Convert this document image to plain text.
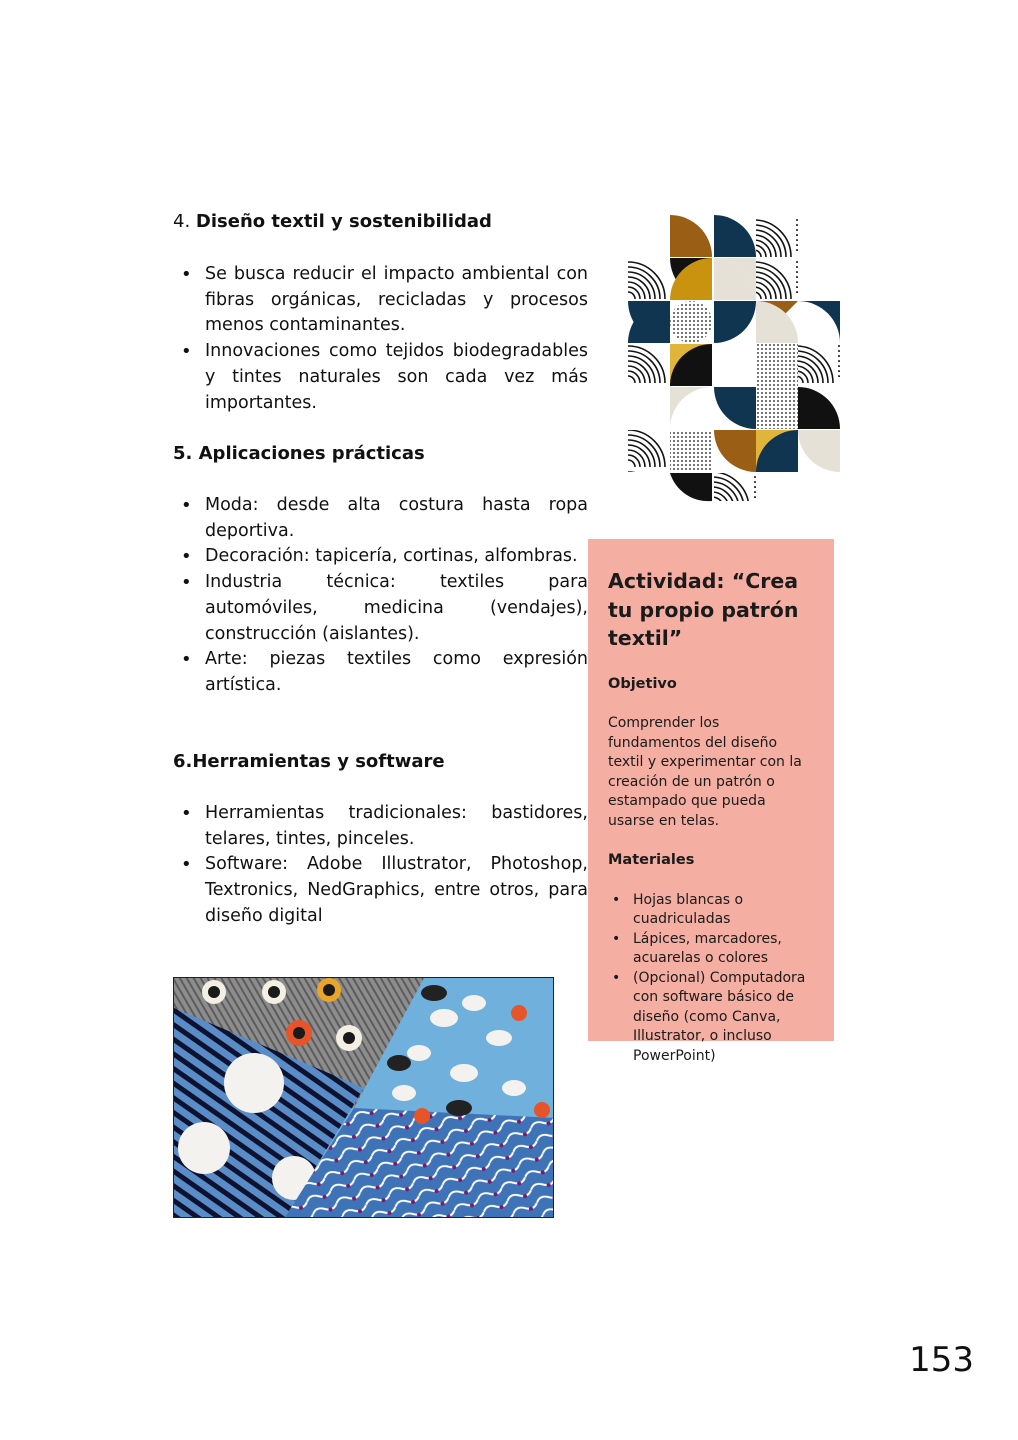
4. Diseño textil y sostenibilidad
• Se busca reducir el impacto ambiental con fibras orgánicas, recicladas y procesos menos contaminantes.
• Innovaciones como tejidos biodegradables y tintes naturales son cada vez más importantes.
5. Aplicaciones prácticas
• Moda: desde alta costura hasta ropa deportiva.
• Decoración: tapicería, cortinas, alfombras.
• Industria técnica: textiles para automóviles, medicina (vendajes), construcción (aislantes).
• Arte: piezas textiles como expresión artística.
6.Herramientas y software
• Herramientas tradicionales: bastidores, telares, tintes, pinceles.
• Software: Adobe Illustrator, Photoshop, Textronics, NedGraphics, entre otros, para diseño digital
Actividad: “Crea tu propio patrón textil”
Objetivo

Comprender los fundamentos del diseño textil y experimentar con la creación de un patrón o estampado que pueda usarse en telas.

Materiales
• Hojas blancas o cuadriculadas
• Lápices, marcadores, acuarelas o colores
• (Opcional) Computadora con software básico de diseño (como Canva, Illustrator, o incluso PowerPoint)
153
